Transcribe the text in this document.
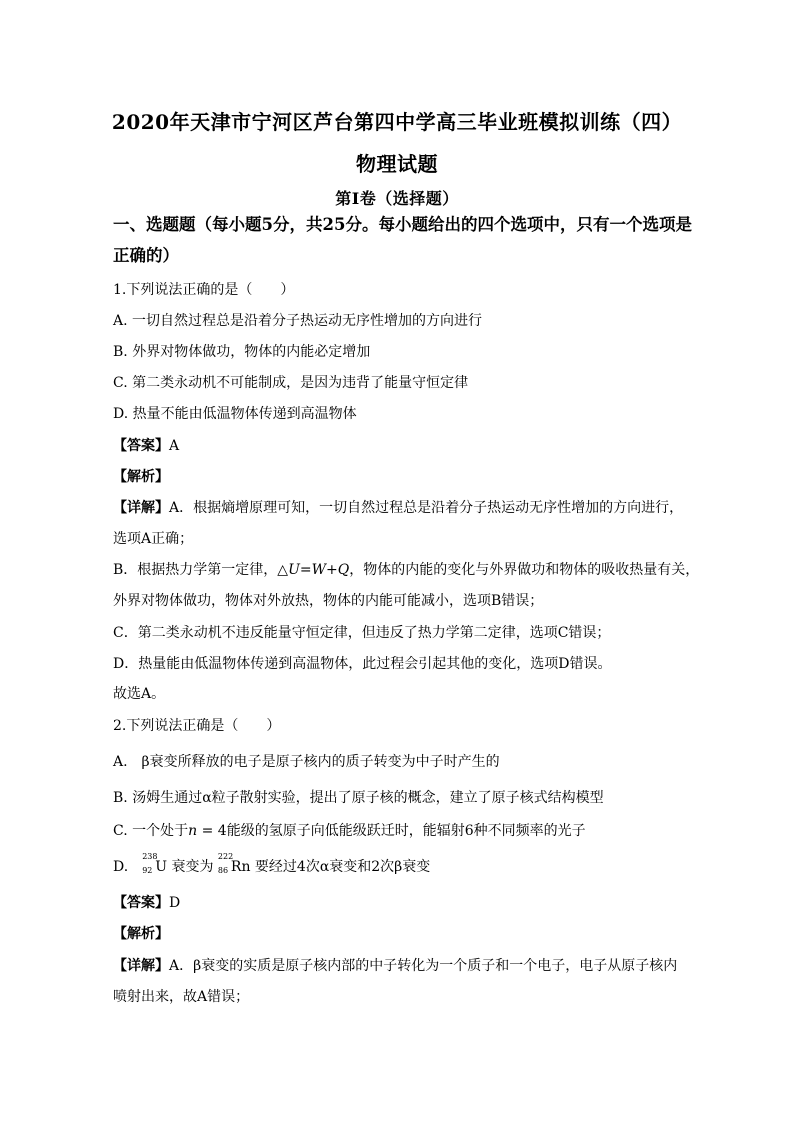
2020年天津市宁河区芦台第四中学高三毕业班模拟训练（四）
物理试题
第Ⅰ卷（选择题）
一、选题题（每小题5分，共25分。每小题给出的四个选项中，只有一个选项是
正确的）
1.下列说法正确的是（　　）
A. 一切自然过程总是沿着分子热运动无序性增加的方向进行
B. 外界对物体做功，物体的内能必定增加
C. 第二类永动机不可能制成，是因为违背了能量守恒定律
D. 热量不能由低温物体传递到高温物体
【答案】A
【解析】
【详解】A．根据熵增原理可知，一切自然过程总是沿着分子热运动无序性增加的方向进行，
选项A正确；
B．根据热力学第一定律，△U=W+Q，物体的内能的变化与外界做功和物体的吸收热量有关，
外界对物体做功，物体对外放热，物体的内能可能减小，选项B错误；
C．第二类永动机不违反能量守恒定律，但违反了热力学第二定律，选项C错误；
D．热量能由低温物体传递到高温物体，此过程会引起其他的变化，选项D错误。
故选A。
2.下列说法正确是（　　）
A.　β衰变所释放的电子是原子核内的质子转变为中子时产生的
B. 汤姆生通过α粒子散射实验，提出了原子核的概念，建立了原子核式结构模型
C. 一个处于n = 4能级的氢原子向低能级跃迁时，能辐射6种不同频率的光子
D.　
238
92 U 衰变为
222
86 Rn 要经过4次α衰变和2次β衰变
【答案】D
【解析】
【详解】A．β衰变的实质是原子核内部的中子转化为一个质子和一个电子，电子从原子核内
喷射出来，故A错误；
